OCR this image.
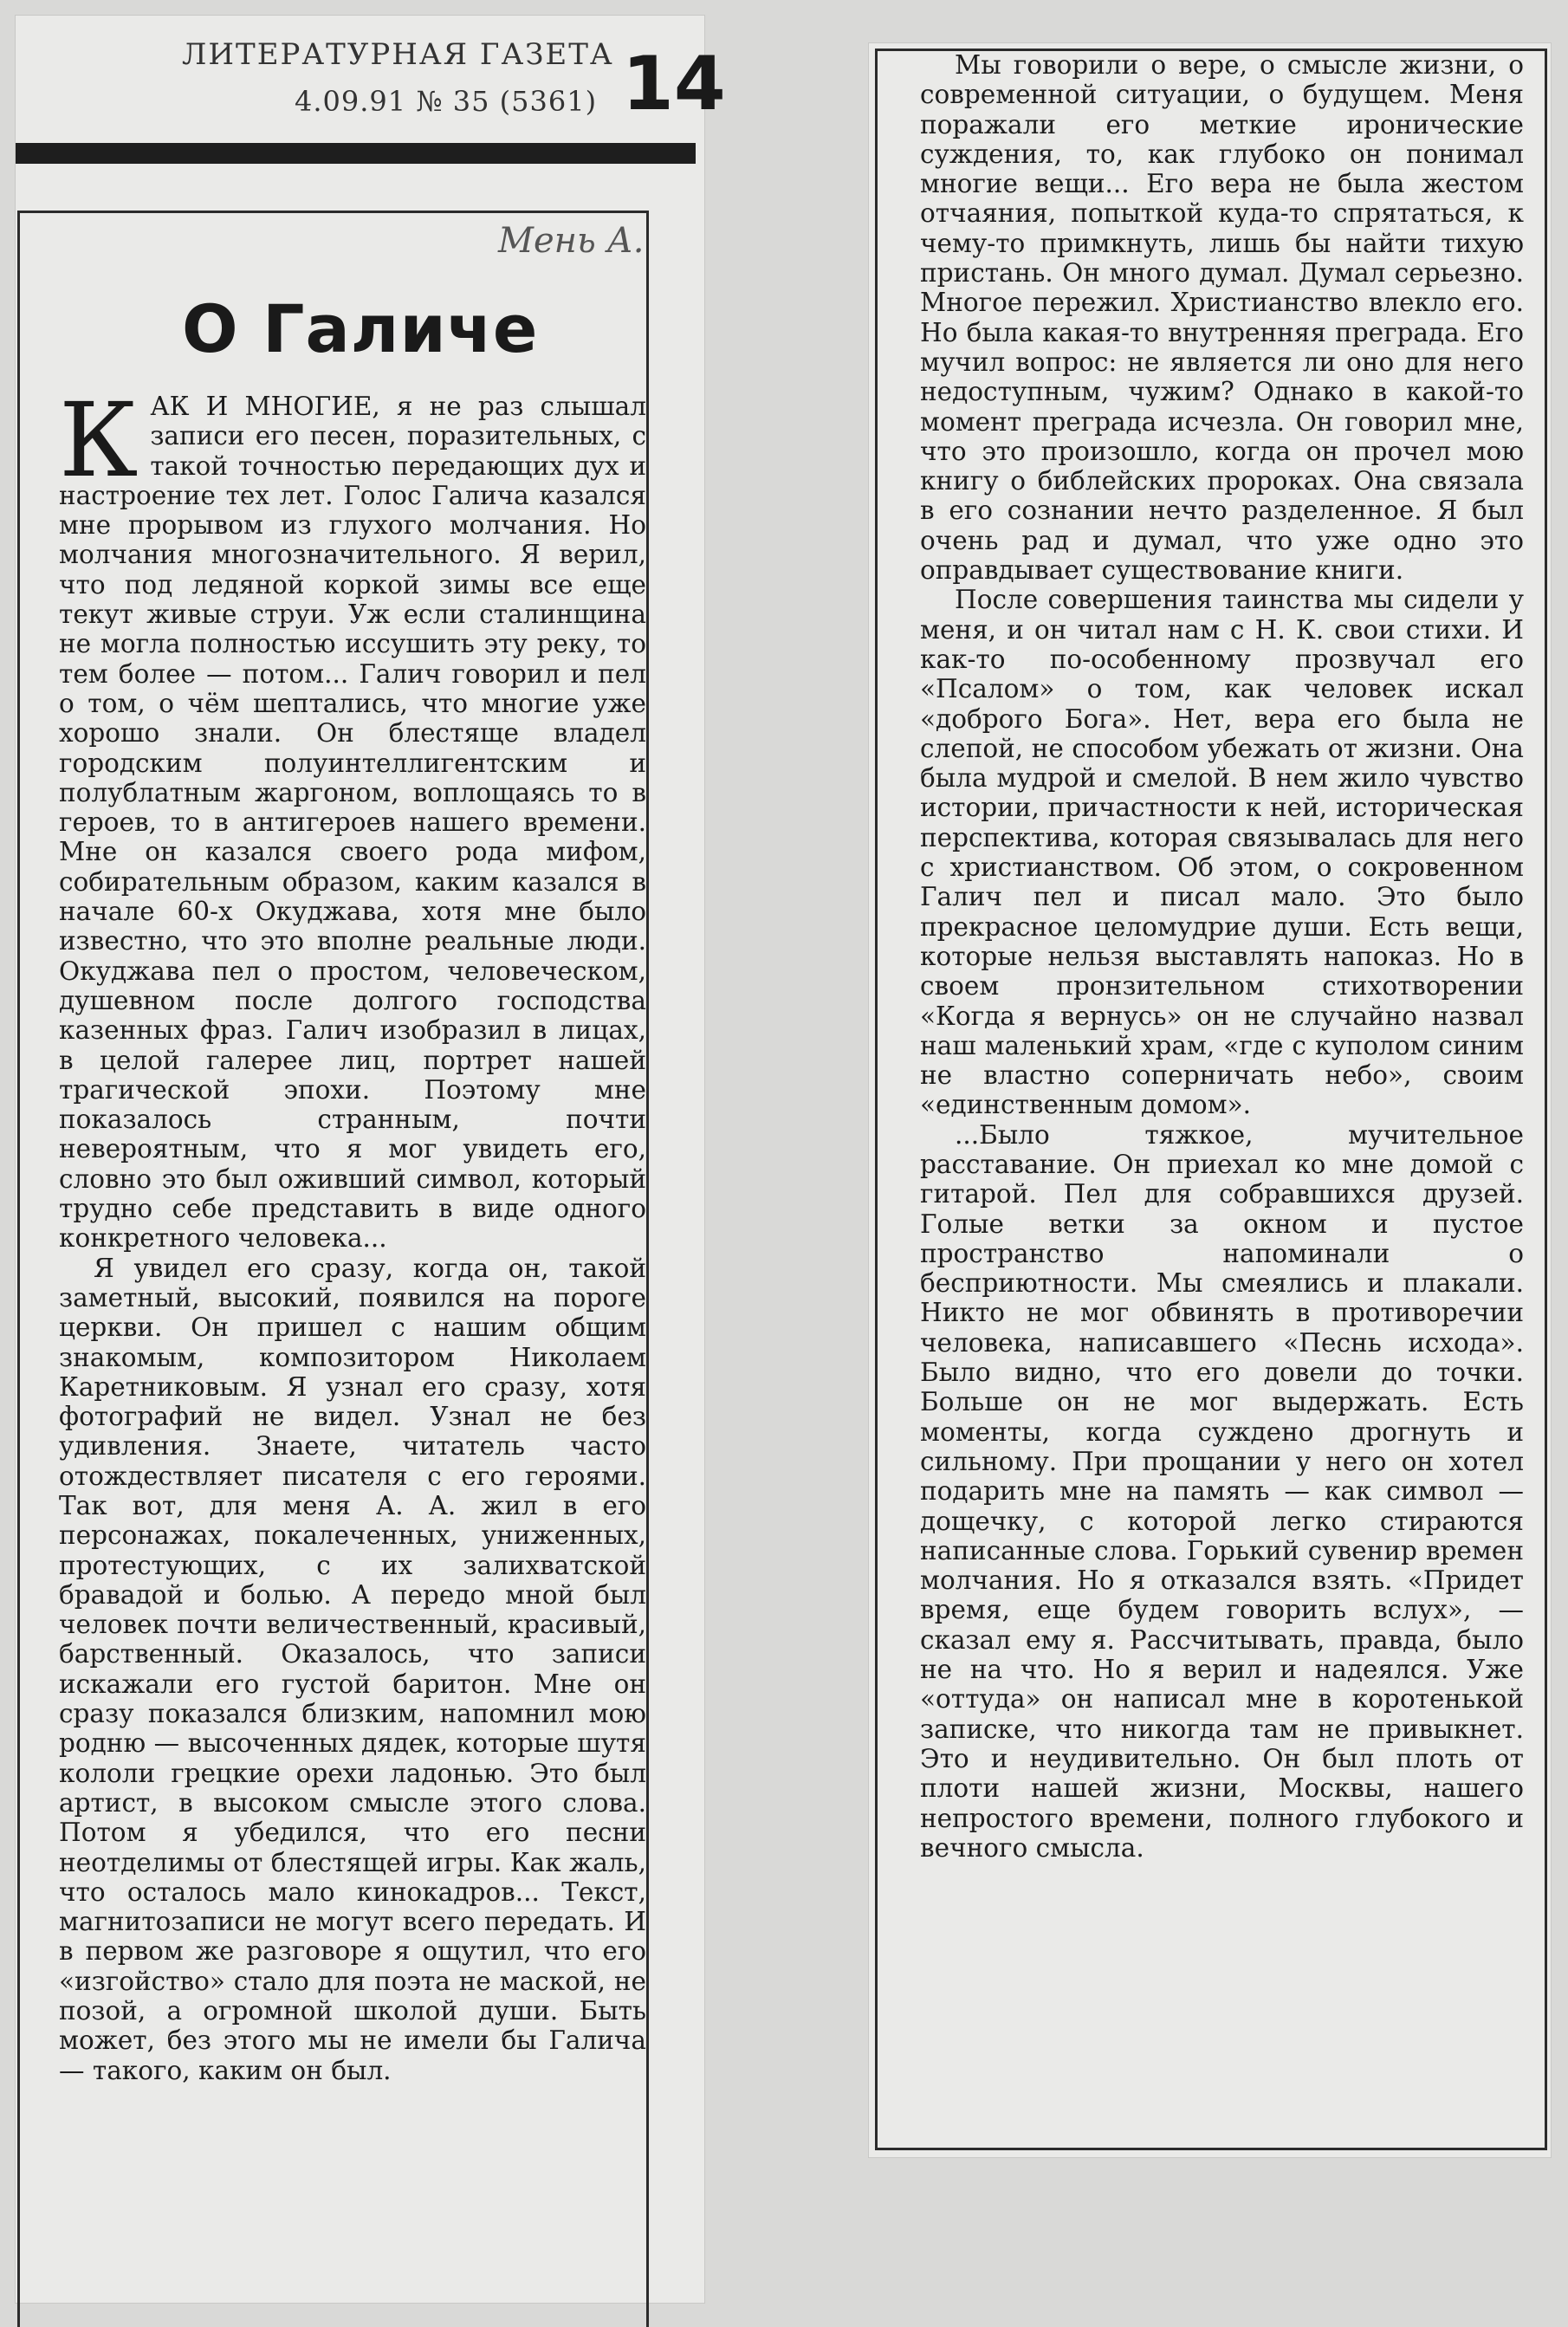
ЛИТЕРАТУРНАЯ ГАЗЕТА
4.09.91 № 35 (5361) 14
Мень А.
О Галиче

КАК И МНОГИЕ, я не раз слышал записи его песен, поразительных, с такой точностью передающих дух и настроение тех лет. Голос Галича казался мне прорывом из глухого молчания. Но молчания многозначительного. Я верил, что под ледяной коркой зимы все еще текут живые струи. Уж если сталинщина не могла полностью иссушить эту реку, то тем более — потом... Галич говорил и пел о том, о чём шептались, что многие уже хорошо знали. Он блестяще владел городским полуинтеллигентским и полублатным жаргоном, воплощаясь то в героев, то в антигероев нашего времени. Мне он казался своего рода мифом, собирательным образом, каким казался в начале 60-х Окуджава, хотя мне было известно, что это вполне реальные люди. Окуджава пел о простом, человеческом, душевном после долгого господства казенных фраз. Галич изобразил в лицах, в целой галерее лиц, портрет нашей трагической эпохи. Поэтому мне показалось странным, почти невероятным, что я мог увидеть его, словно это был оживший символ, который трудно себе представить в виде одного конкретного человека...

Я увидел его сразу, когда он, такой заметный, высокий, появился на пороге церкви. Он пришел с нашим общим знакомым, композитором Николаем Каретниковым. Я узнал его сразу, хотя фотографий не видел. Узнал не без удивления. Знаете, читатель часто отождествляет писателя с его героями. Так вот, для меня А. А. жил в его персонажах, покалеченных, униженных, протестующих, с их залихватской бравадой и болью. А передо мной был человек почти величественный, красивый, барственный. Оказалось, что записи искажали его густой баритон. Мне он сразу показался близким, напомнил мою родню — высоченных дядек, которые шутя кололи грецкие орехи ладонью. Это был артист, в высоком смысле этого слова. Потом я убедился, что его песни неотделимы от блестящей игры. Как жаль, что осталось мало кинокадров... Текст, магнитозаписи не могут всего передать. И в первом же разговоре я ощутил, что его «изгойство» стало для поэта не маской, не позой, а огромной школой души. Быть может, без этого мы не имели бы Галича — такого, каким он был.

Мы говорили о вере, о смысле жизни, о современной ситуации, о будущем. Меня поражали его меткие иронические суждения, то, как глубоко он понимал многие вещи... Его вера не была жестом отчаяния, попыткой куда-то спрятаться, к чему-то примкнуть, лишь бы найти тихую пристань. Он много думал. Думал серьезно. Многое пережил. Христианство влекло его. Но была какая-то внутренняя преграда. Его мучил вопрос: не является ли оно для него недоступным, чужим? Однако в какой-то момент преграда исчезла. Он говорил мне, что это произошло, когда он прочел мою книгу о библейских пророках. Она связала в его сознании нечто разделенное. Я был очень рад и думал, что уже одно это оправдывает существование книги.

После совершения таинства мы сидели у меня, и он читал нам с Н. К. свои стихи. И как-то по-особенному прозвучал его «Псалом» о том, как человек искал «доброго Бога». Нет, вера его была не слепой, не способом убежать от жизни. Она была мудрой и смелой. В нем жило чувство истории, причастности к ней, историческая перспектива, которая связывалась для него с христианством. Об этом, о сокровенном Галич пел и писал мало. Это было прекрасное целомудрие души. Есть вещи, которые нельзя выставлять напоказ. Но в своем пронзительном стихотворении «Когда я вернусь» он не случайно назвал наш маленький храм, «где с куполом синим не властно соперничать небо», своим «единственным домом».

...Было тяжкое, мучительное расставание. Он приехал ко мне домой с гитарой. Пел для собравшихся друзей. Голые ветки за окном и пустое пространство напоминали о бесприютности. Мы смеялись и плакали. Никто не мог обвинять в противоречии человека, написавшего «Песнь исхода». Было видно, что его довели до точки. Больше он не мог выдержать. Есть моменты, когда суждено дрогнуть и сильному. При прощании у него он хотел подарить мне на память — как символ — дощечку, с которой легко стираются написанные слова. Горький сувенир времен молчания. Но я отказался взять. «Придет время, еще будем говорить вслух», — сказал ему я. Рассчитывать, правда, было не на что. Но я верил и надеялся. Уже «оттуда» он написал мне в коротенькой записке, что никогда там не привыкнет. Это и неудивительно. Он был плоть от плоти нашей жизни, Москвы, нашего непростого времени, полного глубокого и вечного смысла.
